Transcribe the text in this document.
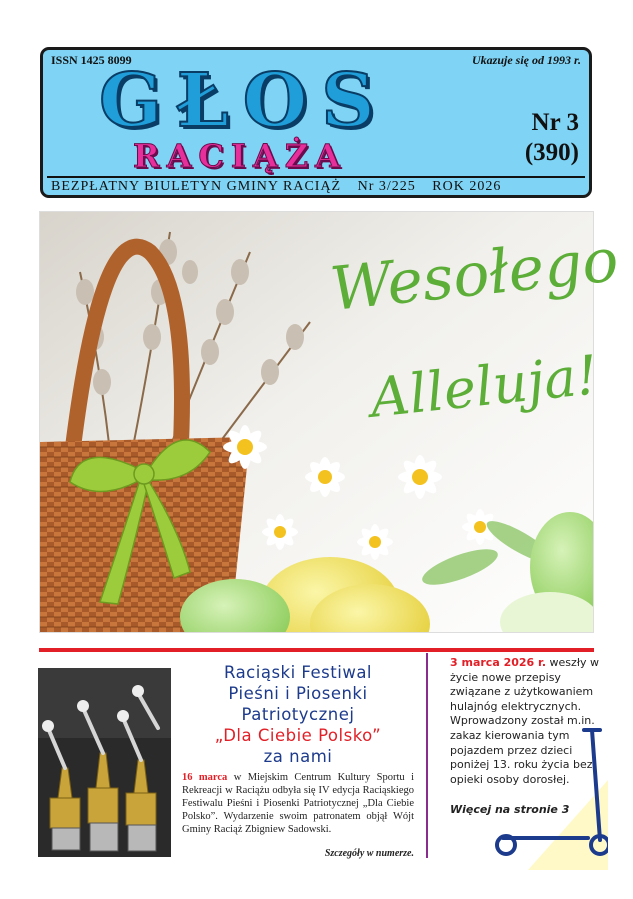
ISSN 1425 8099	Ukazuje się od 1993 r.
GŁOS
RACIĄŻA
Nr 3
(390)
BEZPŁATNY BIULETYN GMINY RACIĄŻ Nr 3/225 ROK 2026
Wesołego
Alleluja!
Raciąski Festiwal
Pieśni i Piosenki
Patriotycznej
„Dla Ciebie Polsko”
za nami
16 marca w Miejskim Centrum Kultury Sportu i Rekreacji w Raciążu odbyła się IV edycja Raciąskiego Festiwalu Pieśni i Piosenki Patriotycznej „Dla Ciebie Polsko”. Wydarzenie swoim patronatem objął Wójt Gminy Raciąż Zbigniew Sadowski.
Szczegóły w numerze.
3 marca 2026 r. weszły w życie nowe przepisy związane z użytkowaniem hulajnóg elektrycznych. Wprowadzony został m.in. zakaz kierowania tym pojazdem przez dzieci poniżej 13. roku życia bez opieki osoby dorosłej.
Więcej na stronie 3
